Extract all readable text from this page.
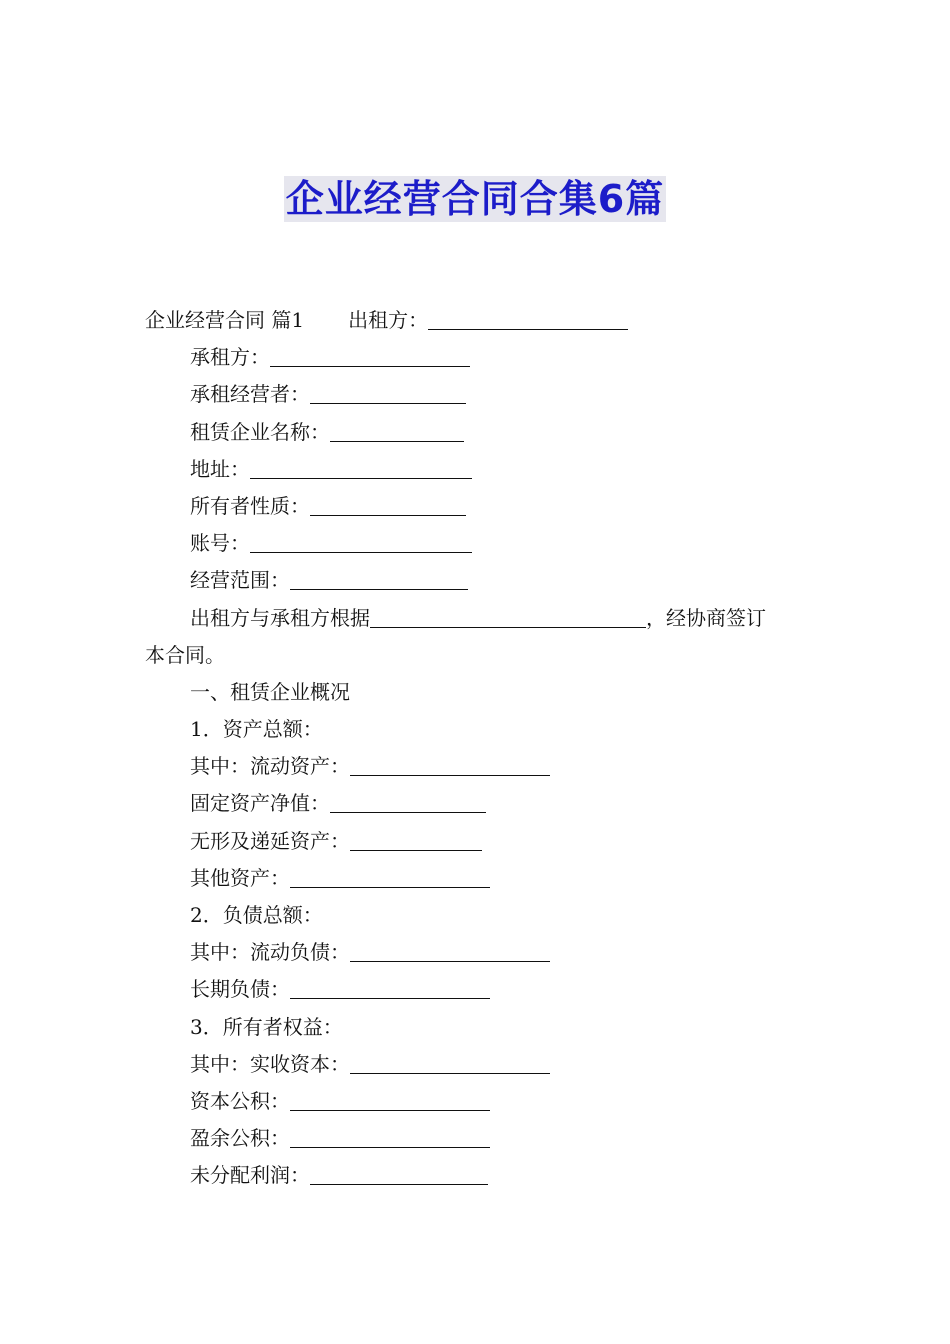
企业经营合同合集6篇
企业经营合同 篇1 出租方：
承租方：
承租经营者：
租赁企业名称：
地址：
所有者性质：
账号：
经营范围：
出租方与承租方根据	，经协商签订
本合同。
一、租赁企业概况
1．资产总额：
其中：流动资产：
固定资产净值：
无形及递延资产：
其他资产：
2．负债总额：
其中：流动负债：
长期负债：
3．所有者权益：
其中：实收资本：
资本公积：
盈余公积：
未分配利润：
